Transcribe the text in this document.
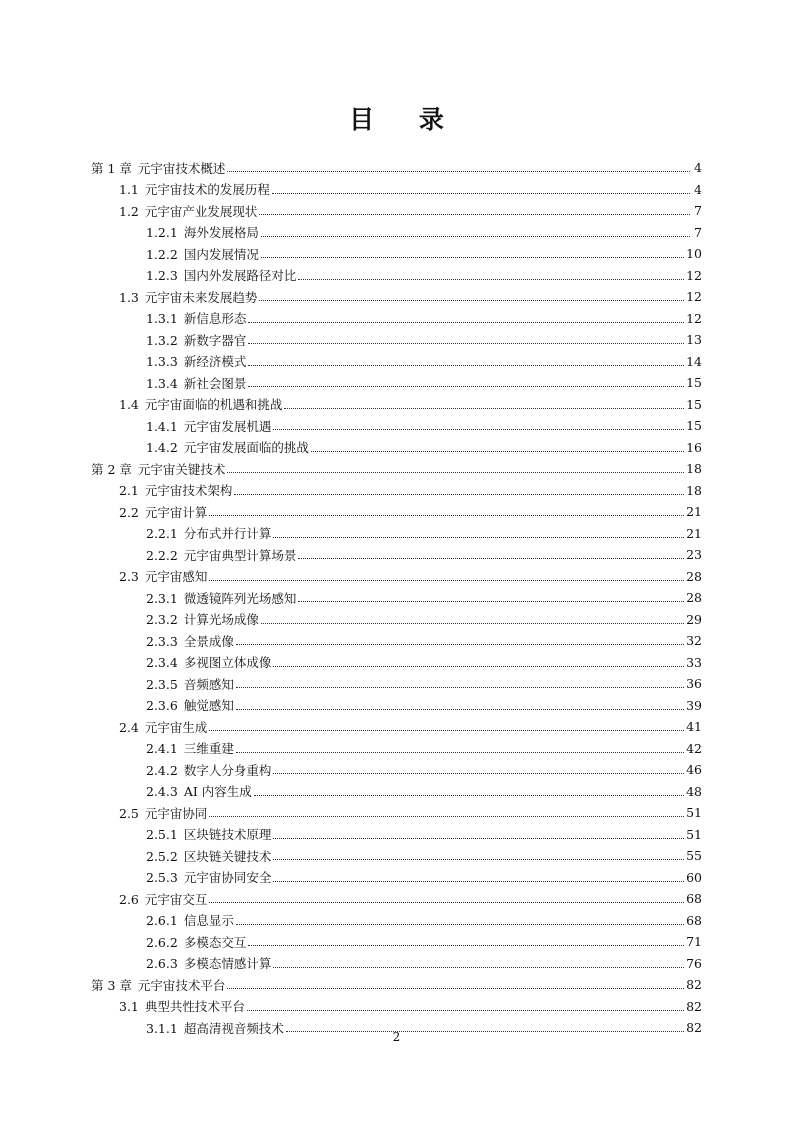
目 录
第 1 章 元宇宙技术概述	4
1.1 元宇宙技术的发展历程	4
1.2 元宇宙产业发展现状	7
1.2.1 海外发展格局	7
1.2.2 国内发展情况	10
1.2.3 国内外发展路径对比	12
1.3 元宇宙未来发展趋势	12
1.3.1 新信息形态	12
1.3.2 新数字器官	13
1.3.3 新经济模式	14
1.3.4 新社会图景	15
1.4 元宇宙面临的机遇和挑战	15
1.4.1 元宇宙发展机遇	15
1.4.2 元宇宙发展面临的挑战	16
第 2 章 元宇宙关键技术	18
2.1 元宇宙技术架构	18
2.2 元宇宙计算	21
2.2.1 分布式并行计算	21
2.2.2 元宇宙典型计算场景	23
2.3 元宇宙感知	28
2.3.1 微透镜阵列光场感知	28
2.3.2 计算光场成像	29
2.3.3 全景成像	32
2.3.4 多视图立体成像	33
2.3.5 音频感知	36
2.3.6 触觉感知	39
2.4 元宇宙生成	41
2.4.1 三维重建	42
2.4.2 数字人分身重构	46
2.4.3 AI 内容生成	48
2.5 元宇宙协同	51
2.5.1 区块链技术原理	51
2.5.2 区块链关键技术	55
2.5.3 元宇宙协同安全	60
2.6 元宇宙交互	68
2.6.1 信息显示	68
2.6.2 多模态交互	71
2.6.3 多模态情感计算	76
第 3 章 元宇宙技术平台	82
3.1 典型共性技术平台	82
3.1.1 超高清视音频技术	82
2
